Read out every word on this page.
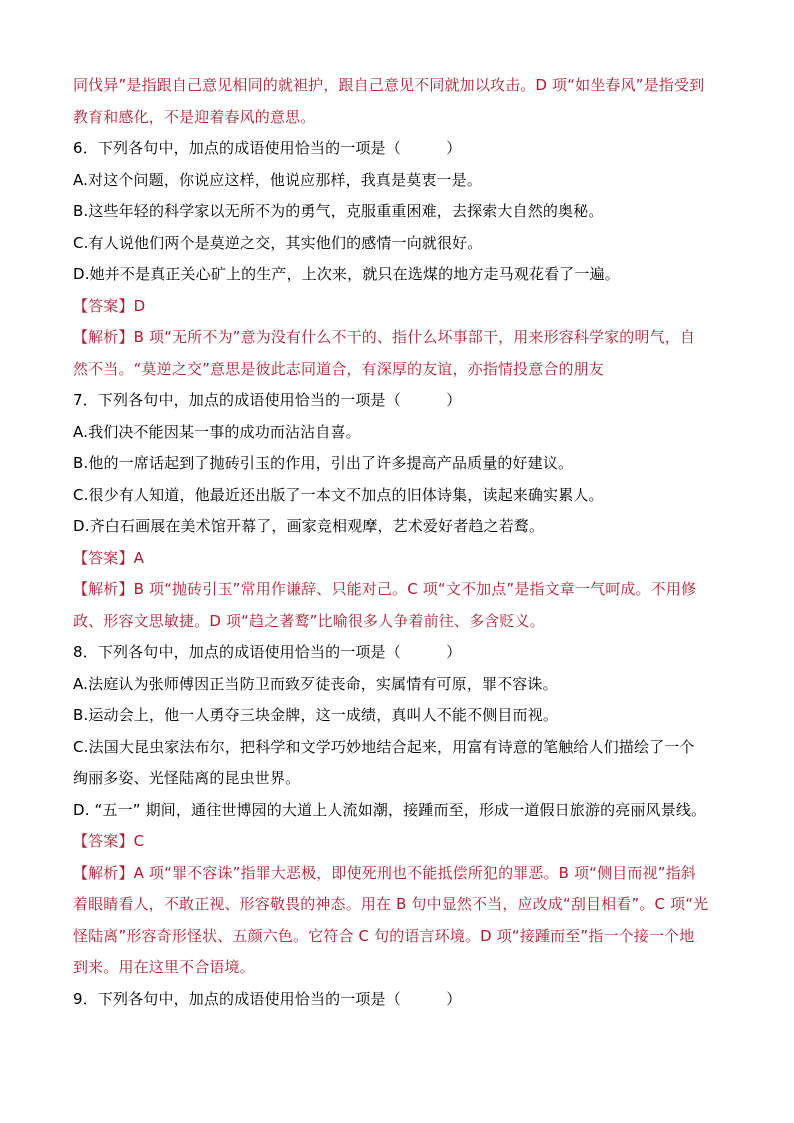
同伐异”是指跟自己意见相同的就袒护，跟自己意见不同就加以攻击。D 项“如坐春风”是指受到
教育和感化，不是迎着春风的意思。
6．下列各句中，加点的成语使用恰当的一项是（　　　）
A.对这个问题，你说应这样，他说应那样，我真是莫衷一是。
B.这些年轻的科学家以无所不为的勇气，克服重重困难，去探索大自然的奥秘。
C.有人说他们两个是莫逆之交，其实他们的感情一向就很好。
D.她并不是真正关心矿上的生产，上次来，就只在选煤的地方走马观花看了一遍。
【答案】D
【解析】B 项“无所不为”意为没有什么不干的、指什么坏事部干，用来形容科学家的明气，自
然不当。“莫逆之交”意思是彼此志同道合，有深厚的友谊，亦指情投意合的朋友
7．下列各句中，加点的成语使用恰当的一项是（　　　）
A.我们决不能因某一事的成功而沾沾自喜。
B.他的一席话起到了抛砖引玉的作用，引出了许多提高产品质量的好建议。
C.很少有人知道，他最近还出版了一本文不加点的旧体诗集，读起来确实累人。
D.齐白石画展在美术馆开幕了，画家竞相观摩，艺术爱好者趋之若鹜。
【答案】A
【解析】B 项“抛砖引玉”常用作谦辞、只能对己。C 项“文不加点”是指文章一气呵成。不用修
政、形容文思敏捷。D 项“趋之著鹜”比喻很多人争着前往、多含贬义。
8．下列各句中，加点的成语使用恰当的一项是（　　　）
A.法庭认为张师傅因正当防卫而致歹徒丧命，实属情有可原，罪不容诛。
B.运动会上，他一人勇夺三块金牌，这一成绩，真叫人不能不侧目而视。
C.法国大昆虫家法布尔，把科学和文学巧妙地结合起来，用富有诗意的笔触给人们描绘了一个
绚丽多姿、光怪陆离的昆虫世界。
D. “五一” 期间，通往世博园的大道上人流如潮，接踵而至，形成一道假日旅游的亮丽风景线。
【答案】C
【解析】A 项“罪不容诛”指罪大恶极，即使死刑也不能抵偿所犯的罪恶。B 项“侧目而视”指斜
着眼睛看人，不敢正视、形容敬畏的神态。用在 B 句中显然不当，应改成“刮目相看”。C 项“光
怪陆离”形容奇形怪状、五颜六色。它符合 C 句的语言环境。D 项“接踵而至”指一个接一个地
到来。用在这里不合语境。
9．下列各句中，加点的成语使用恰当的一项是（　　　）
